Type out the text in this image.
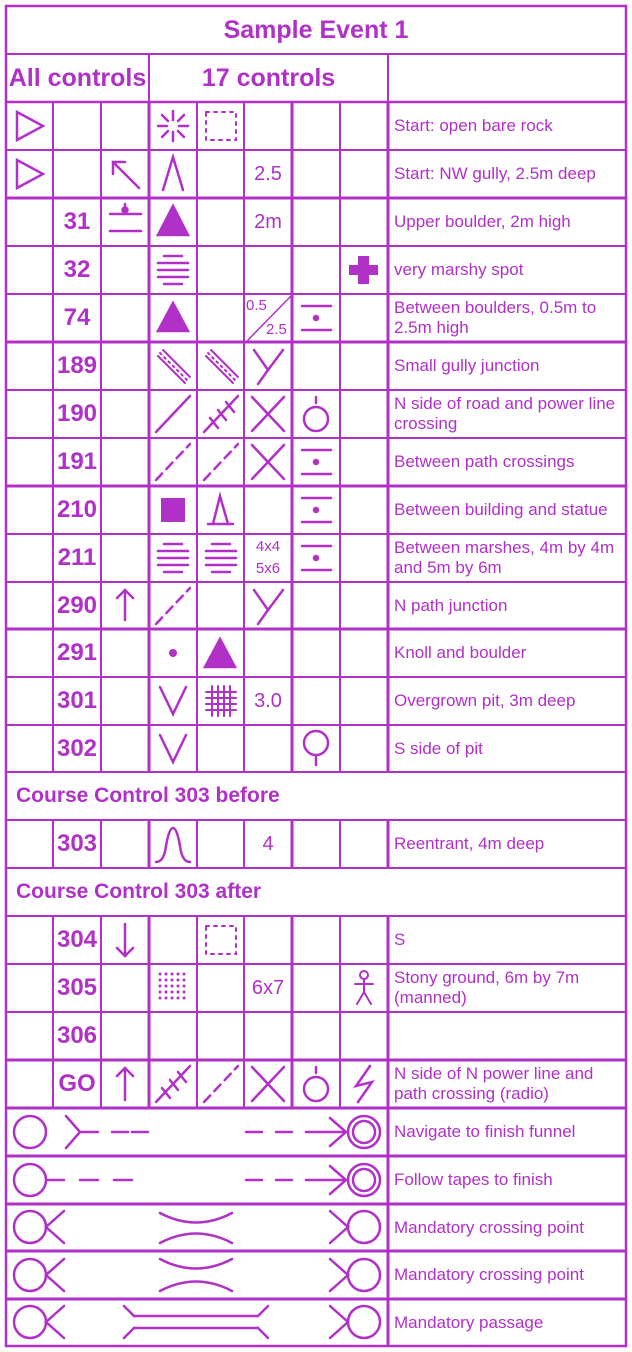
Sample Event 1
All controls	17 controls
31
32
74
189
190
191
210
211
290
291
301
302
303
304
305
306
GO
2.5
2m
0.5
2.5
4x4
5x6
3.0
4
6x7
Start: open bare rock
Start: NW gully, 2.5m deep
Upper boulder, 2m high
very marshy spot
Between boulders, 0.5m to 2.5m high
Small gully junction
N side of road and power line crossing
Between path crossings
Between building and statue
Between marshes, 4m by 4m and 5m by 6m
N path junction
Knoll and boulder
Overgrown pit, 3m deep
S side of pit
Course Control 303 before
Reentrant, 4m deep
Course Control 303 after
S
Stony ground, 6m by 7m (manned)
N side of N power line and path crossing (radio)
Navigate to finish funnel
Follow tapes to finish
Mandatory crossing point
Mandatory crossing point
Mandatory passage
